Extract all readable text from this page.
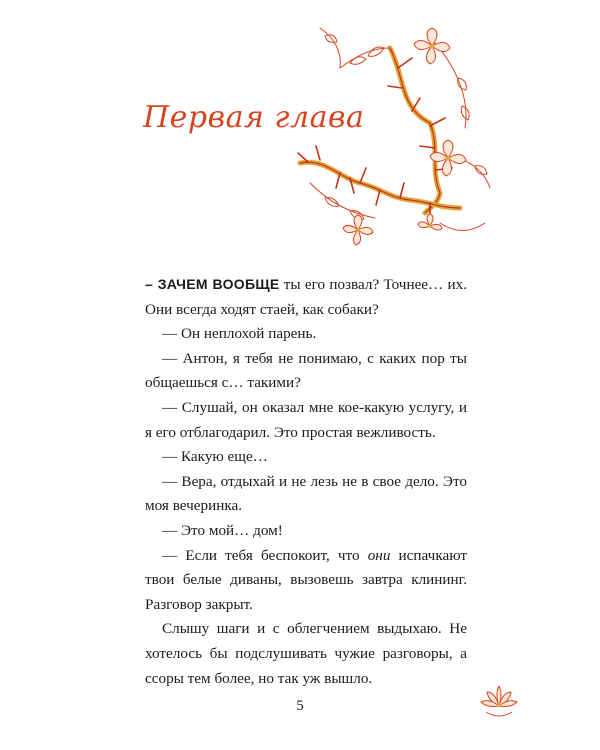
Первая глава

– ЗАЧЕМ ВООБЩЕ ты его позвал? Точнее… их. Они всегда ходят стаей, как собаки?

— Он неплохой парень.

— Антон, я тебя не понимаю, с каких пор ты общаешься с… такими?

— Слушай, он оказал мне кое-какую услугу, и я его отблагодарил. Это простая вежливость.

— Какую еще…

— Вера, отдыхай и не лезь не в свое дело. Это моя вечеринка.

— Это мой… дом!

— Если тебя беспокоит, что они испачкают твои белые диваны, вызовешь завтра клининг. Разговор закрыт.

Слышу шаги и с облегчением выдыхаю. Не хотелось бы подслушивать чужие разговоры, а ссоры тем более, но так уж вышло.

5
